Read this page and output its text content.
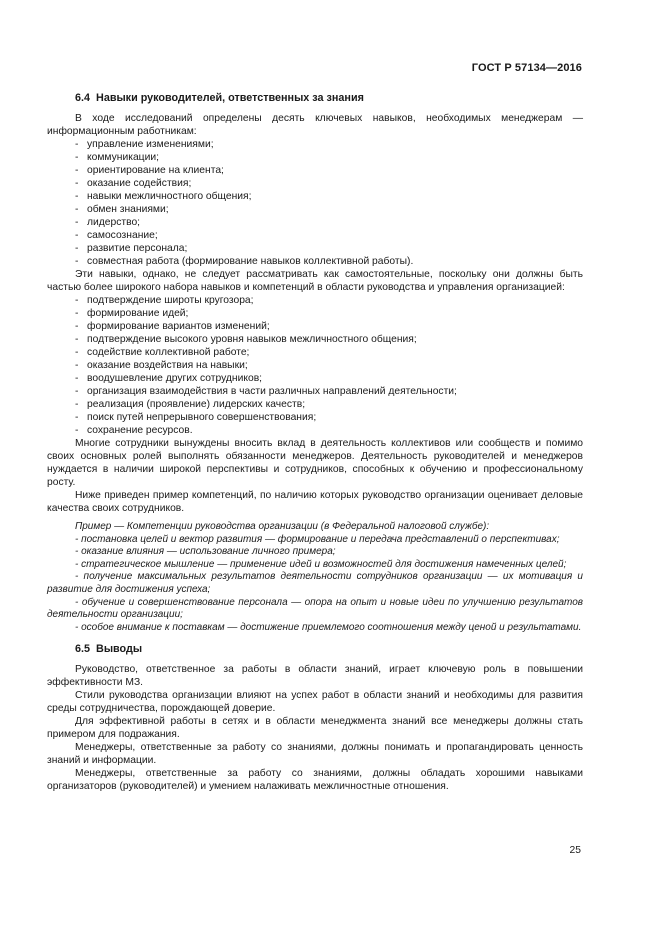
ГОСТ Р 57134—2016
6.4 Навыки руководителей, ответственных за знания

В ходе исследований определены десять ключевых навыков, необходимых менеджерам — информационным работникам:

- управление изменениями;
- коммуникации;
- ориентирование на клиента;
- оказание содействия;
- навыки межличностного общения;
- обмен знаниями;
- лидерство;
- самосознание;
- развитие персонала;
- совместная работа (формирование навыков коллективной работы).

Эти навыки, однако, не следует рассматривать как самостоятельные, поскольку они должны быть частью более широкого набора навыков и компетенций в области руководства и управления организацией:

- подтверждение широты кругозора;
- формирование идей;
- формирование вариантов изменений;
- подтверждение высокого уровня навыков межличностного общения;
- содействие коллективной работе;
- оказание воздействия на навыки;
- воодушевление других сотрудников;
- организация взаимодействия в части различных направлений деятельности;
- реализация (проявление) лидерских качеств;
- поиск путей непрерывного совершенствования;
- сохранение ресурсов.

Многие сотрудники вынуждены вносить вклад в деятельность коллективов или сообществ и помимо своих основных ролей выполнять обязанности менеджеров. Деятельность руководителей и менеджеров нуждается в наличии широкой перспективы и сотрудников, способных к обучению и профессиональному росту.

Ниже приведен пример компетенций, по наличию которых руководство организации оценивает деловые качества своих сотрудников.

Пример — Компетенции руководства организации (в Федеральной налоговой службе):

- постановка целей и вектор развития — формирование и передача представлений о перспективах;

- оказание влияния — использование личного примера;

- стратегическое мышление — применение идей и возможностей для достижения намеченных целей;

- получение максимальных результатов деятельности сотрудников организации — их мотивация и развитие для достижения успеха;

- обучение и совершенствование персонала — опора на опыт и новые идеи по улучшению результатов деятельности организации;

- особое внимание к поставкам — достижение приемлемого соотношения между ценой и результатами.

6.5 Выводы

Руководство, ответственное за работы в области знаний, играет ключевую роль в повышении эффективности МЗ.

Стили руководства организации влияют на успех работ в области знаний и необходимы для развития среды сотрудничества, порождающей доверие.

Для эффективной работы в сетях и в области менеджмента знаний все менеджеры должны стать примером для подражания.

Менеджеры, ответственные за работу со знаниями, должны понимать и пропагандировать ценность знаний и информации.

Менеджеры, ответственные за работу со знаниями, должны обладать хорошими навыками организаторов (руководителей) и умением налаживать межличностные отношения.

25
